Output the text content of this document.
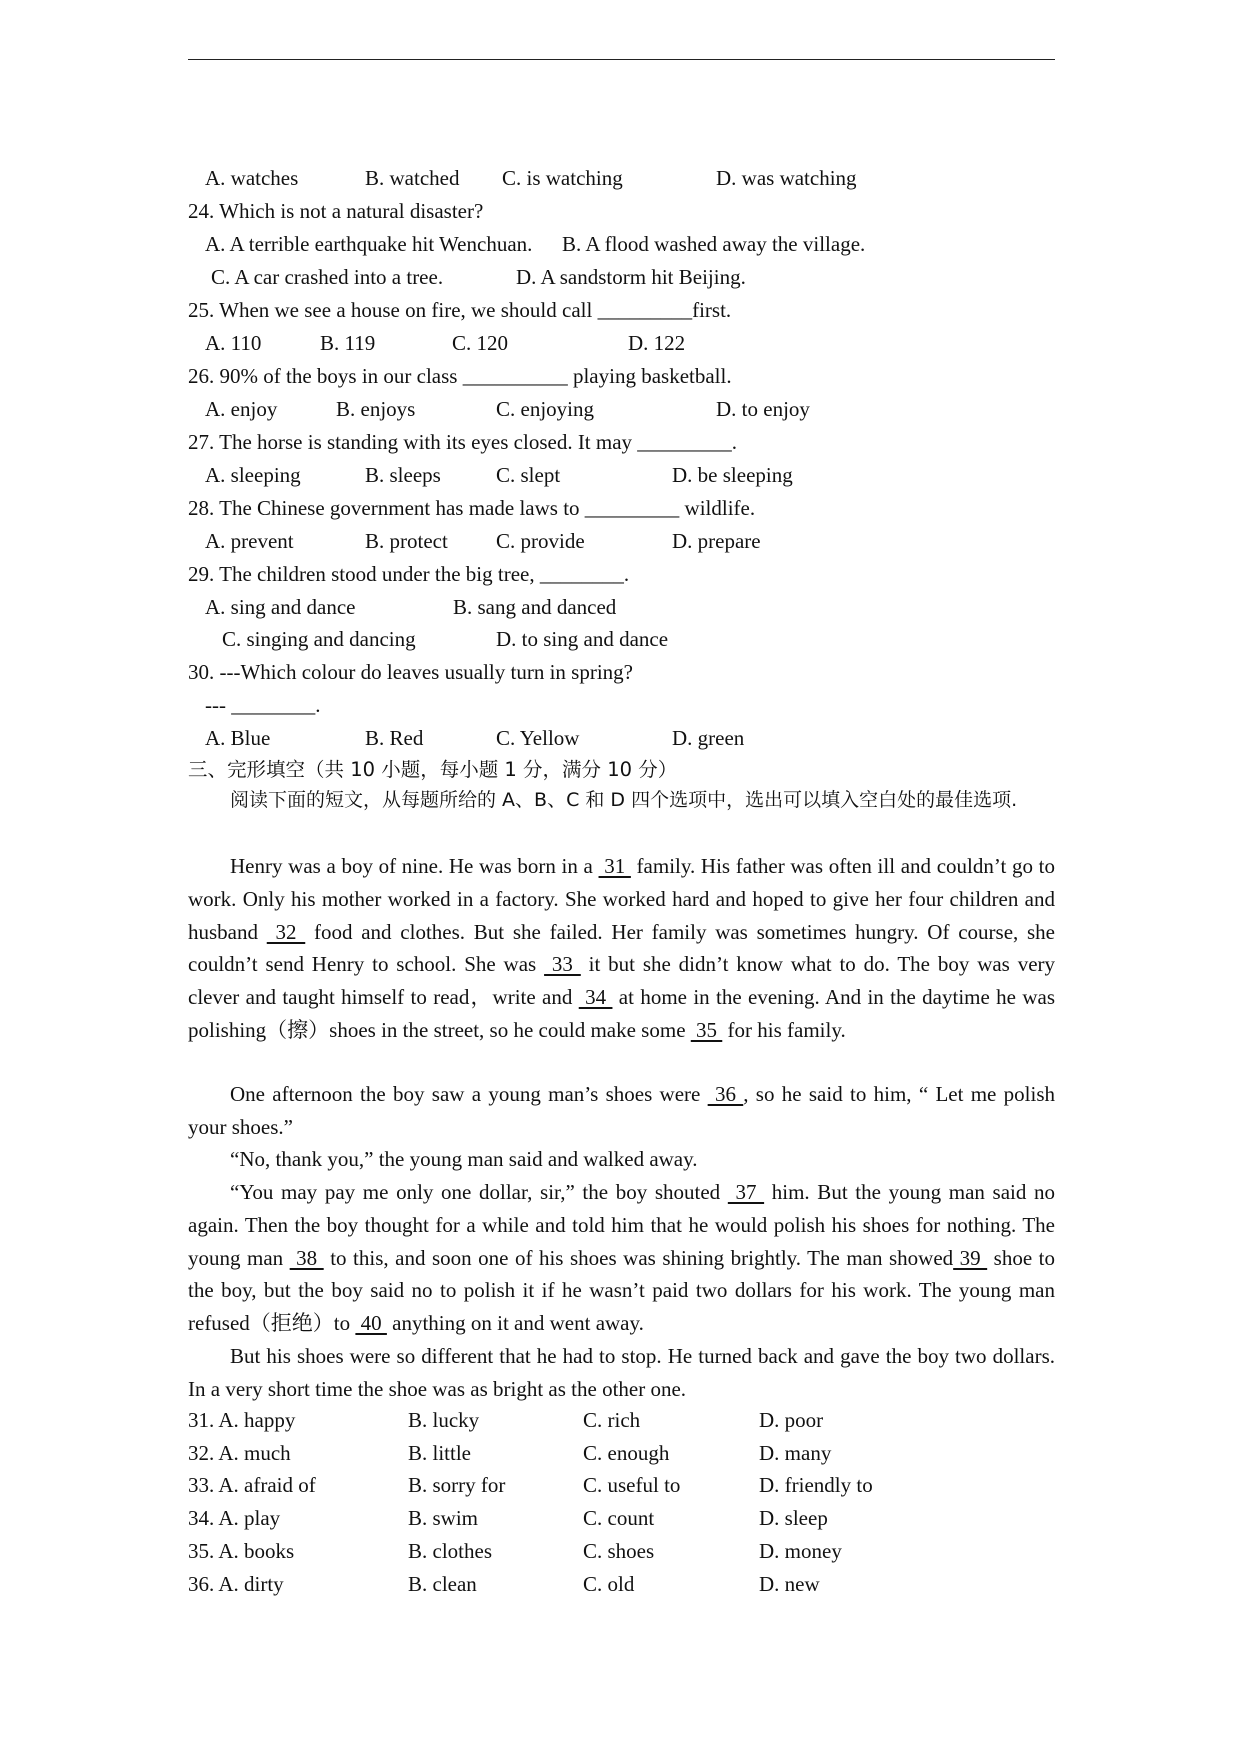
A. watches	B. watched C. is watching	D. was watching
24. Which is not a natural disaster?
A. A terrible earthquake hit Wenchuan. B. A flood washed away the village.
C. A car crashed into a tree.	D. A sandstorm hit Beijing.
25. When we see a house on fire, we should call _________first.
A. 110	B. 119	C. 120	D. 122
26. 90% of the boys in our class __________ playing basketball.
A. enjoy	B. enjoys	C. enjoying	D. to enjoy
27. The horse is standing with its eyes closed. It may _________.
A. sleeping	B. sleeps	C. slept	D. be sleeping
28. The Chinese government has made laws to _________ wildlife.
A. prevent	B. protect C. provide	D. prepare
29. The children stood under the big tree, ________.
A. sing and dance	B. sang and danced
C. singing and dancing	D. to sing and dance
30. ---Which colour do leaves usually turn in spring?
--- ________.
A. Blue	B. Red	C. Yellow	D. green
三、完形填空（共 10 小题，每小题 1 分，满分 10 分）
阅读下面的短文，从每题所给的 A、B、C 和 D 四个选项中，选出可以填入空白处的最佳选项.
Henry was a boy of nine. He was born in a  31  family. His father was often ill and couldn’t go to work. Only his mother worked in a factory. She worked hard and hoped to give her four children and husband  32  food and clothes. But she failed. Her family was sometimes hungry. Of course, she couldn’t send Henry to school. She was  33  it but she didn’t know what to do. The boy was very clever and taught himself to read，write and  34  at home in the evening. And in the daytime he was polishing（擦）shoes in the street, so he could make some  35  for his family.
One afternoon the boy saw a young man’s shoes were  36 , so he said to him, “ Let me polish your shoes.”
“No, thank you,” the young man said and walked away.
“You may pay me only one dollar, sir,” the boy shouted  37  him. But the young man said no again. Then the boy thought for a while and told him that he would polish his shoes for nothing. The young man  38  to this, and soon one of his shoes was shining brightly. The man showed 39  shoe to the boy, but the boy said no to polish it if he wasn’t paid two dollars for his work. The young man refused（拒绝）to  40  anything on it and went away.
But his shoes were so different that he had to stop. He turned back and gave the boy two dollars. In a very short time the shoe was as bright as the other one.
31. A. happy	B. lucky	C. rich	D. poor
32. A. much	B. little	C. enough	D. many
33. A. afraid of	B. sorry for	C. useful to	D. friendly to
34. A. play	B. swim	C. count	D. sleep
35. A. books	B. clothes	C. shoes	D. money
36. A. dirty	B. clean	C. old	D. new
